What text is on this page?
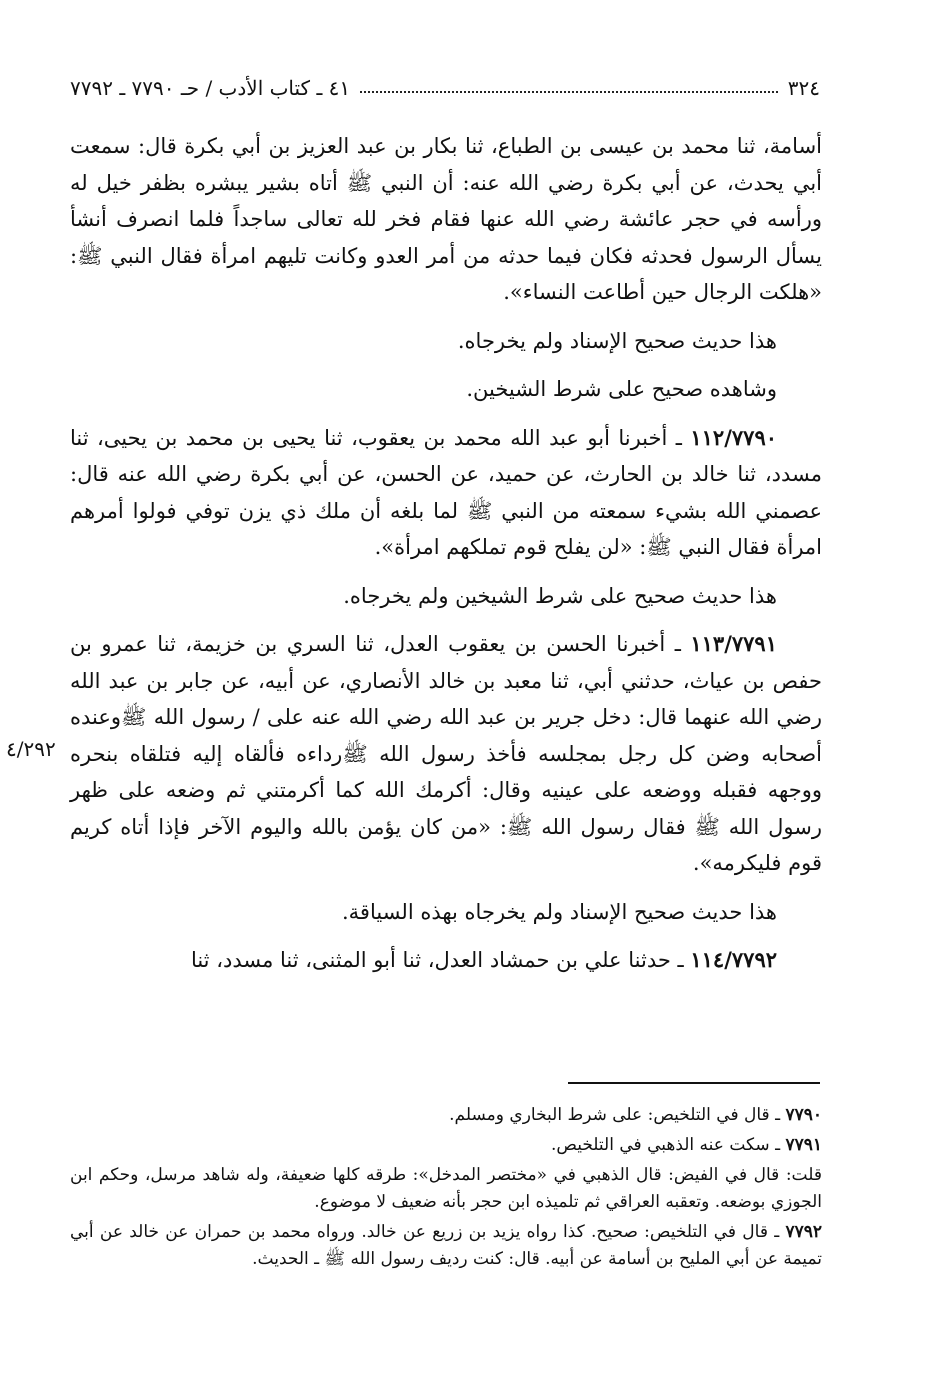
٣٢٤
٤١ ـ كتاب الأدب / حـ ٧٧٩٠ ـ ٧٧٩٢
٤/٢٩٢

أسامة، ثنا محمد بن عيسى بن الطباع، ثنا بكار بن عبد العزيز بن أبي بكرة قال: سمعت أبي يحدث، عن أبي بكرة رضي الله عنه: أن النبي ﷺ أتاه بشير يبشره بظفر خيل له ورأسه في حجر عائشة رضي الله عنها فقام فخر لله تعالى ساجداً فلما انصرف أنشأ يسأل الرسول فحدثه فكان فيما حدثه من أمر العدو وكانت تليهم امرأة فقال النبي ﷺ: «هلكت الرجال حين أطاعت النساء».

هذا حديث صحيح الإسناد ولم يخرجاه.

وشاهده صحيح على شرط الشيخين.

١١٢/٧٧٩٠ ـ أخبرنا أبو عبد الله محمد بن يعقوب، ثنا يحيى بن محمد بن يحيى، ثنا مسدد، ثنا خالد بن الحارث، عن حميد، عن الحسن، عن أبي بكرة رضي الله عنه قال: عصمني الله بشيء سمعته من النبي ﷺ لما بلغه أن ملك ذي يزن توفي فولوا أمرهم امرأة فقال النبي ﷺ: «لن يفلح قوم تملكهم امرأة».

هذا حديث صحيح على شرط الشيخين ولم يخرجاه.

١١٣/٧٧٩١ ـ أخبرنا الحسن بن يعقوب العدل، ثنا السري بن خزيمة، ثنا عمرو بن حفص بن عياث، حدثني أبي، ثنا معبد بن خالد الأنصاري، عن أبيه، عن جابر بن عبد الله رضي الله عنهما قال: دخل جرير بن عبد الله رضي الله عنه على / رسول الله ﷺوعنده أصحابه وضن كل رجل بمجلسه فأخذ رسول الله ﷺرداءه فألقاه إليه فتلقاه بنحره ووجهه فقبله ووضعه على عينيه وقال: أكرمك الله كما أكرمتني ثم وضعه على ظهر رسول الله ﷺ فقال رسول الله ﷺ: «من كان يؤمن بالله واليوم الآخر فإذا أتاه كريم قوم فليكرمه».

هذا حديث صحيح الإسناد ولم يخرجاه بهذه السياقة.

١١٤/٧٧٩٢ ـ حدثنا علي بن حمشاد العدل، ثنا أبو المثنى، ثنا مسدد، ثنا

٧٧٩٠ ـ قال في التلخيص: على شرط البخاري ومسلم.

٧٧٩١ ـ سكت عنه الذهبي في التلخيص.

قلت: قال في الفيض: قال الذهبي في «مختصر المدخل»: طرقه كلها ضعيفة، وله شاهد مرسل، وحكم ابن الجوزي بوضعه. وتعقبه العراقي ثم تلميذه ابن حجر بأنه ضعيف لا موضوع.

٧٧٩٢ ـ قال في التلخيص: صحيح. كذا رواه يزيد بن زريع عن خالد. ورواه محمد بن حمران عن خالد عن أبي تميمة عن أبي المليح بن أسامة عن أبيه. قال: كنت رديف رسول الله ﷺ ـ الحديث.
